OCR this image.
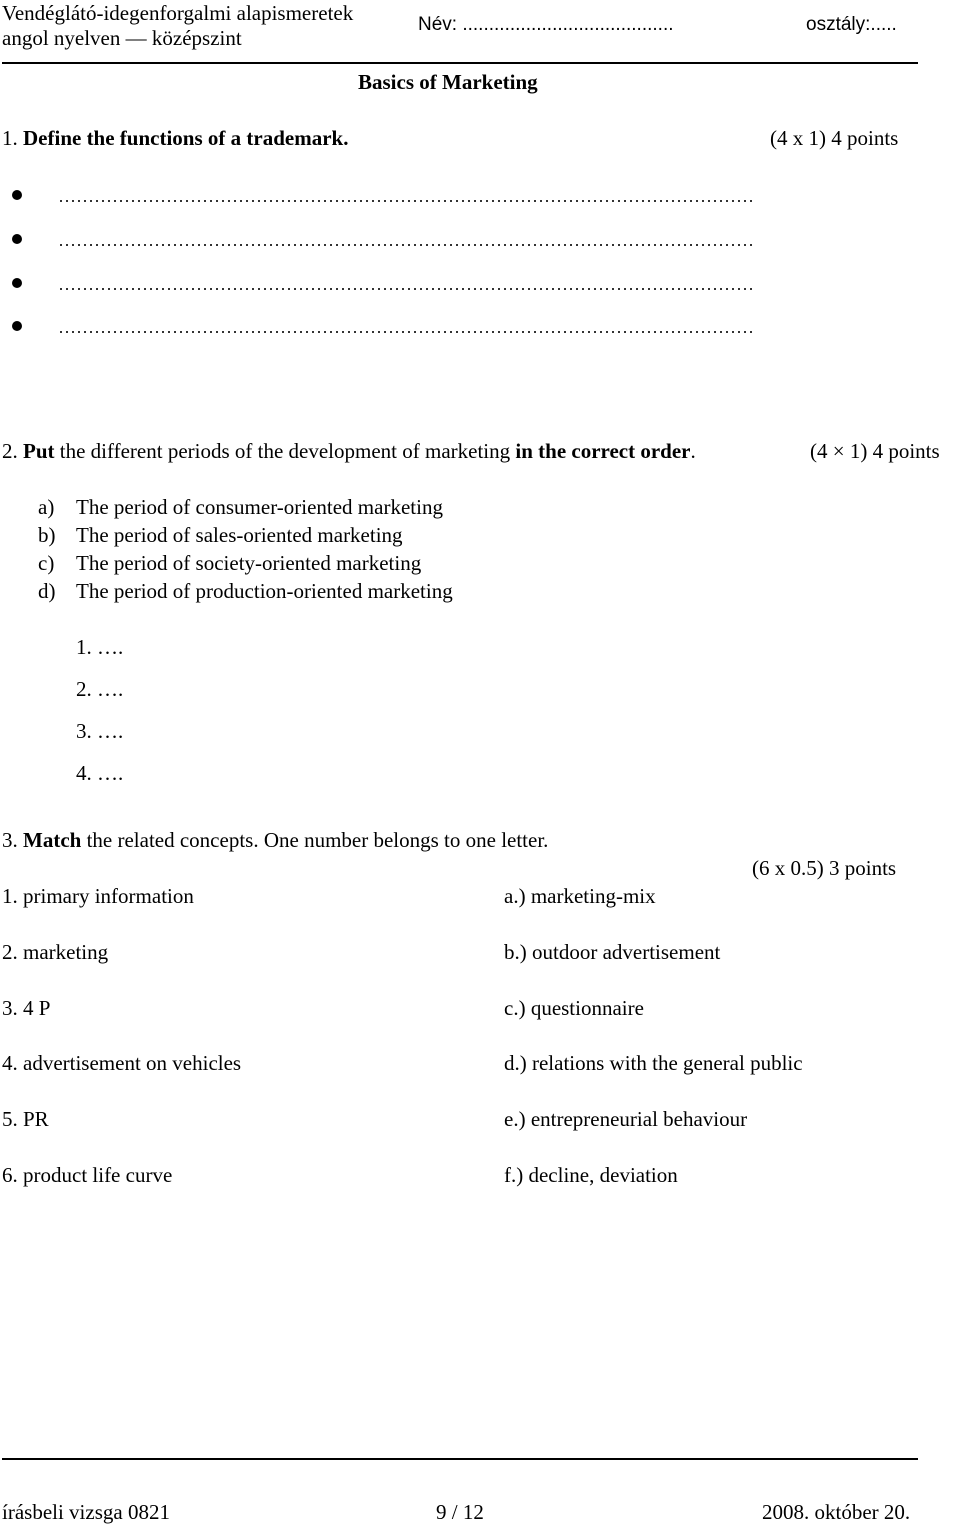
Vendéglátó-idegenforgalmi alapismeretek
angol nyelven — középszint
Név: ........................................	osztály:.....
Basics of Marketing
1. Define the functions of a trademark.	(4 x 1) 4 points
2. Put the different periods of the development of marketing in the correct order.	(4 × 1) 4 points
a) The period of consumer-oriented marketing
b) The period of sales-oriented marketing
c) The period of society-oriented marketing
d) The period of production-oriented marketing
1. ….
2. ….
3. ….
4. ….
3. Match the related concepts. One number belongs to one letter.
(6 x 0.5) 3 points
1. primary information	a.) marketing-mix
2. marketing	b.) outdoor advertisement
3. 4 P	c.) questionnaire
4. advertisement on vehicles	d.) relations with the general public
5. PR	e.) entrepreneurial behaviour
6. product life curve	f.) decline, deviation
írásbeli vizsga 0821	9 / 12	2008. október 20.
